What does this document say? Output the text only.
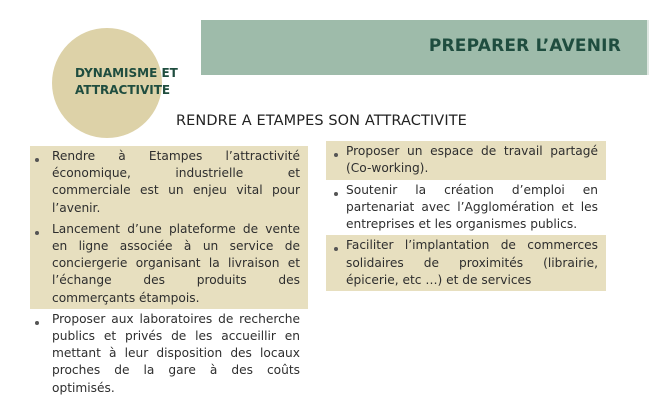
PREPARER L’AVENIR
DYNAMISME ET
ATTRACTIVITE
RENDRE A ETAMPES SON ATTRACTIVITE
Rendre à Etampes l’attractivité économique, industrielle et commerciale est un enjeu vital pour l’avenir.
Lancement d’une plateforme de vente en ligne associée à un service de conciergerie organisant la livraison et l’échange des produits des commerçants étampois.
Proposer aux laboratoires de recherche publics et privés de les accueillir en mettant à leur disposition des locaux proches de la gare à des coûts optimisés.
Proposer un espace de travail partagé (Co-working).
Soutenir la création d’emploi en partenariat avec l’Agglomération et les entreprises et les organismes publics.
Faciliter l’implantation de commerces solidaires de proximités (librairie, épicerie, etc …) et de services
